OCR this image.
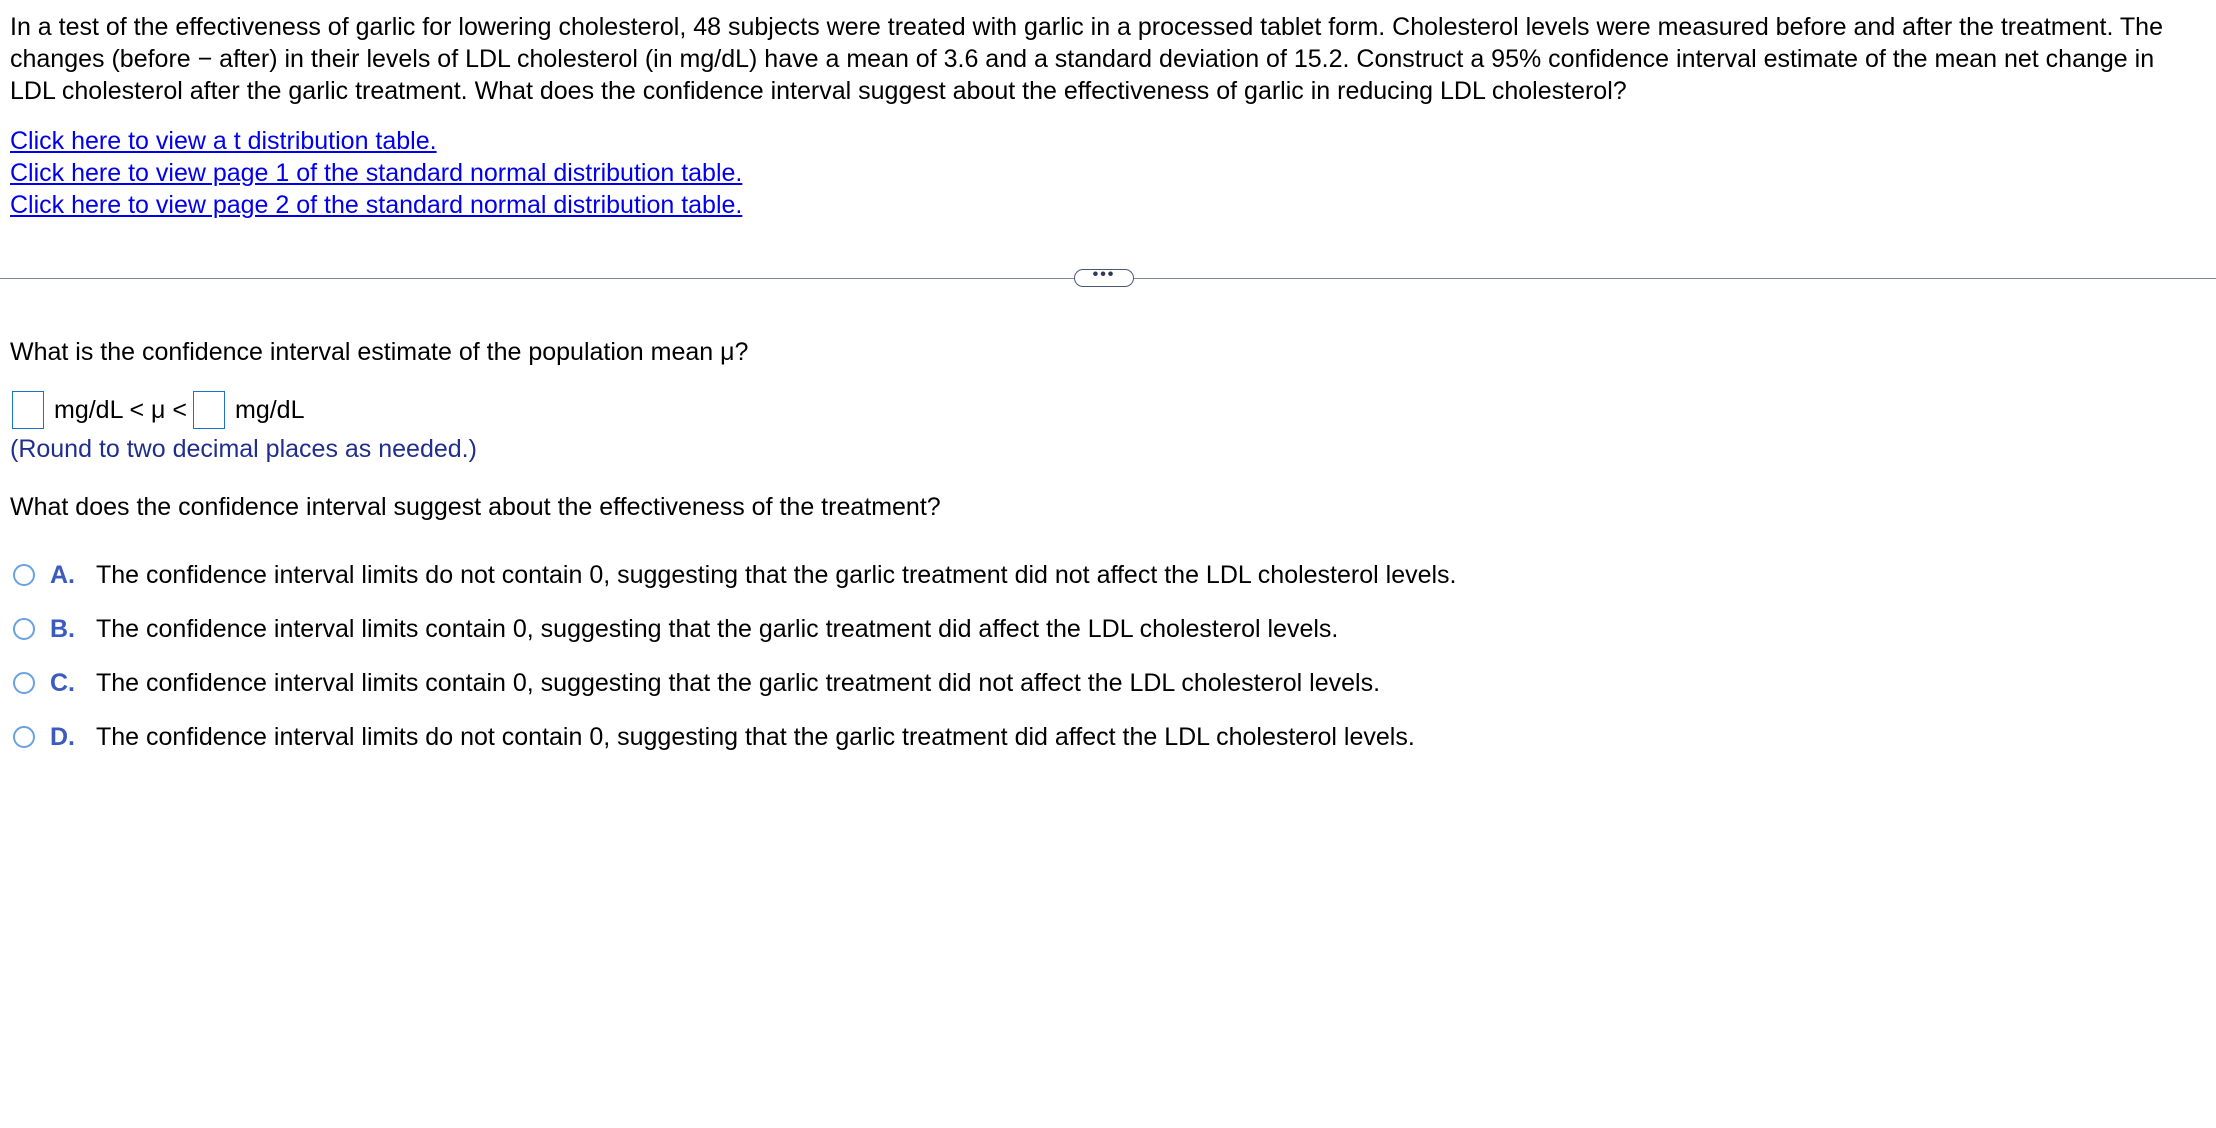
In a test of the effectiveness of garlic for lowering cholesterol, 48 subjects were treated with garlic in a processed tablet form. Cholesterol levels were measured before and after the treatment. The
changes (before − after) in their levels of LDL cholesterol (in mg/dL) have a mean of 3.6 and a standard deviation of 15.2. Construct a 95% confidence interval estimate of the mean net change in
LDL cholesterol after the garlic treatment. What does the confidence interval suggest about the effectiveness of garlic in reducing LDL cholesterol?
Click here to view a t distribution table.
Click here to view page 1 of the standard normal distribution table.
Click here to view page 2 of the standard normal distribution table.
•••
What is the confidence interval estimate of the population mean μ?
mg/dL < μ < mg/dL
(Round to two decimal places as needed.)
What does the confidence interval suggest about the effectiveness of the treatment?
A. The confidence interval limits do not contain 0, suggesting that the garlic treatment did not affect the LDL cholesterol levels.
B. The confidence interval limits contain 0, suggesting that the garlic treatment did affect the LDL cholesterol levels.
C. The confidence interval limits contain 0, suggesting that the garlic treatment did not affect the LDL cholesterol levels.
D. The confidence interval limits do not contain 0, suggesting that the garlic treatment did affect the LDL cholesterol levels.
